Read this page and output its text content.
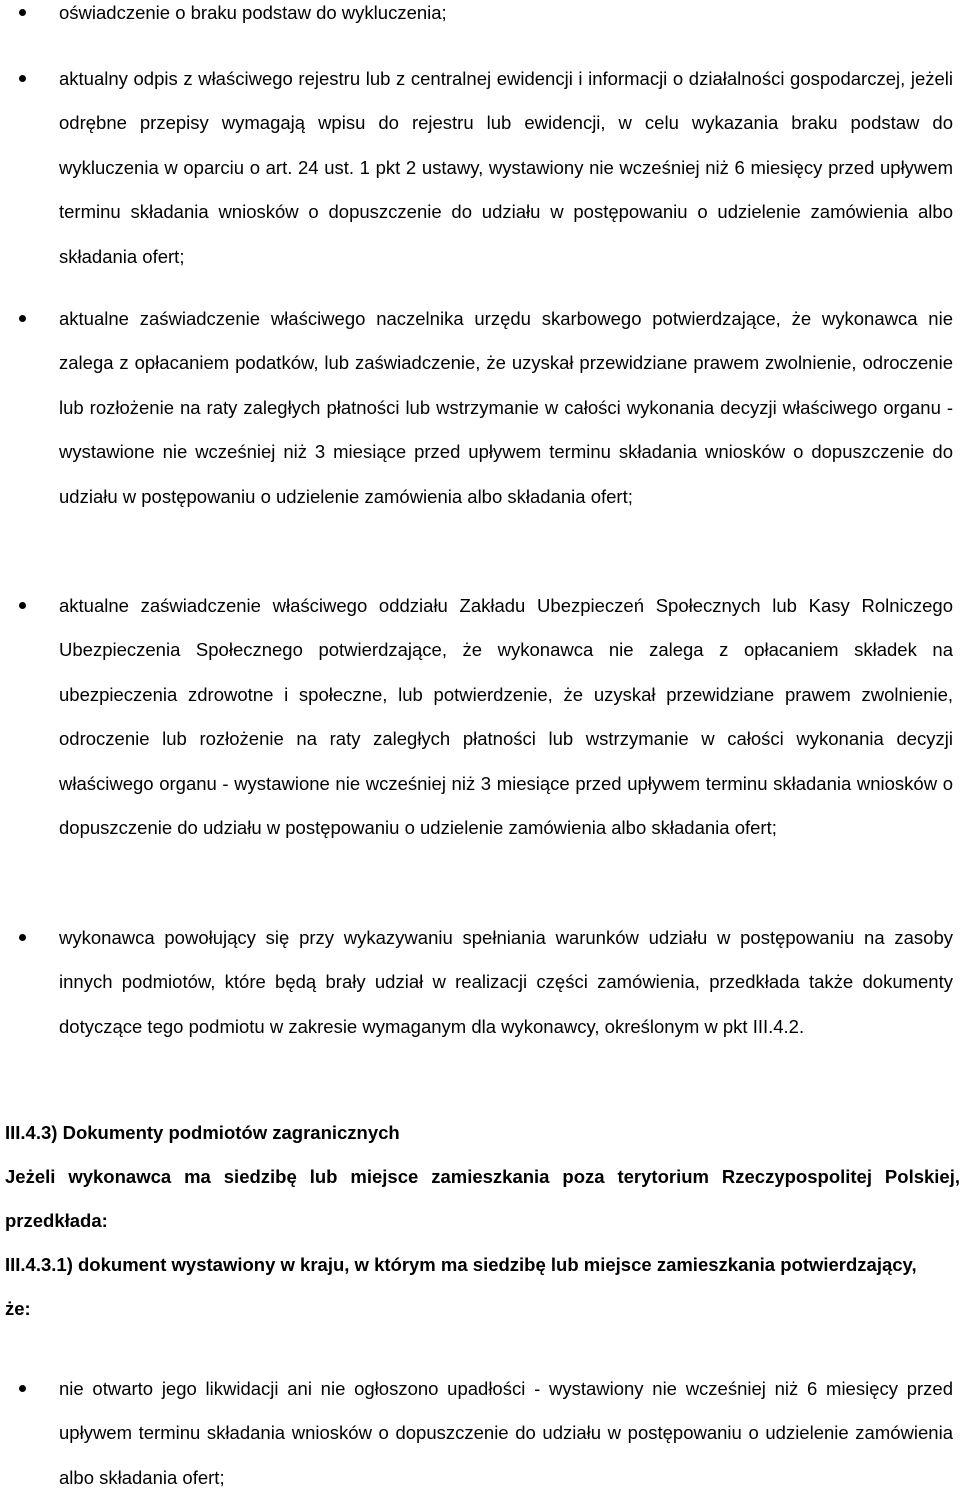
oświadczenie o braku podstaw do wykluczenia;

aktualny odpis z właściwego rejestru lub z centralnej ewidencji i informacji o działalności gospodarczej, jeżeli odrębne przepisy wymagają wpisu do rejestru lub ewidencji, w celu wykazania braku podstaw do wykluczenia w oparciu o art. 24 ust. 1 pkt 2 ustawy, wystawiony nie wcześniej niż 6 miesięcy przed upływem terminu składania wniosków o dopuszczenie do udziału w postępowaniu o udzielenie zamówienia albo składania ofert;

aktualne zaświadczenie właściwego naczelnika urzędu skarbowego potwierdzające, że wykonawca nie zalega z opłacaniem podatków, lub zaświadczenie, że uzyskał przewidziane prawem zwolnienie, odroczenie lub rozłożenie na raty zaległych płatności lub wstrzymanie w całości wykonania decyzji właściwego organu - wystawione nie wcześniej niż 3 miesiące przed upływem terminu składania wniosków o dopuszczenie do udziału w postępowaniu o udzielenie zamówienia albo składania ofert;

aktualne zaświadczenie właściwego oddziału Zakładu Ubezpieczeń Społecznych lub Kasy Rolniczego Ubezpieczenia Społecznego potwierdzające, że wykonawca nie zalega z opłacaniem składek na ubezpieczenia zdrowotne i społeczne, lub potwierdzenie, że uzyskał przewidziane prawem zwolnienie, odroczenie lub rozłożenie na raty zaległych płatności lub wstrzymanie w całości wykonania decyzji właściwego organu - wystawione nie wcześniej niż 3 miesiące przed upływem terminu składania wniosków o dopuszczenie do udziału w postępowaniu o udzielenie zamówienia albo składania ofert;

wykonawca powołujący się przy wykazywaniu spełniania warunków udziału w postępowaniu na zasoby innych podmiotów, które będą brały udział w realizacji części zamówienia, przedkłada także dokumenty dotyczące tego podmiotu w zakresie wymaganym dla wykonawcy, określonym w pkt III.4.2.

III.4.3) Dokumenty podmiotów zagranicznych

Jeżeli wykonawca ma siedzibę lub miejsce zamieszkania poza terytorium Rzeczypospolitej Polskiej, przedkłada:

III.4.3.1) dokument wystawiony w kraju, w którym ma siedzibę lub miejsce zamieszkania potwierdzający, że:

nie otwarto jego likwidacji ani nie ogłoszono upadłości - wystawiony nie wcześniej niż 6 miesięcy przed upływem terminu składania wniosków o dopuszczenie do udziału w postępowaniu o udzielenie zamówienia albo składania ofert;
